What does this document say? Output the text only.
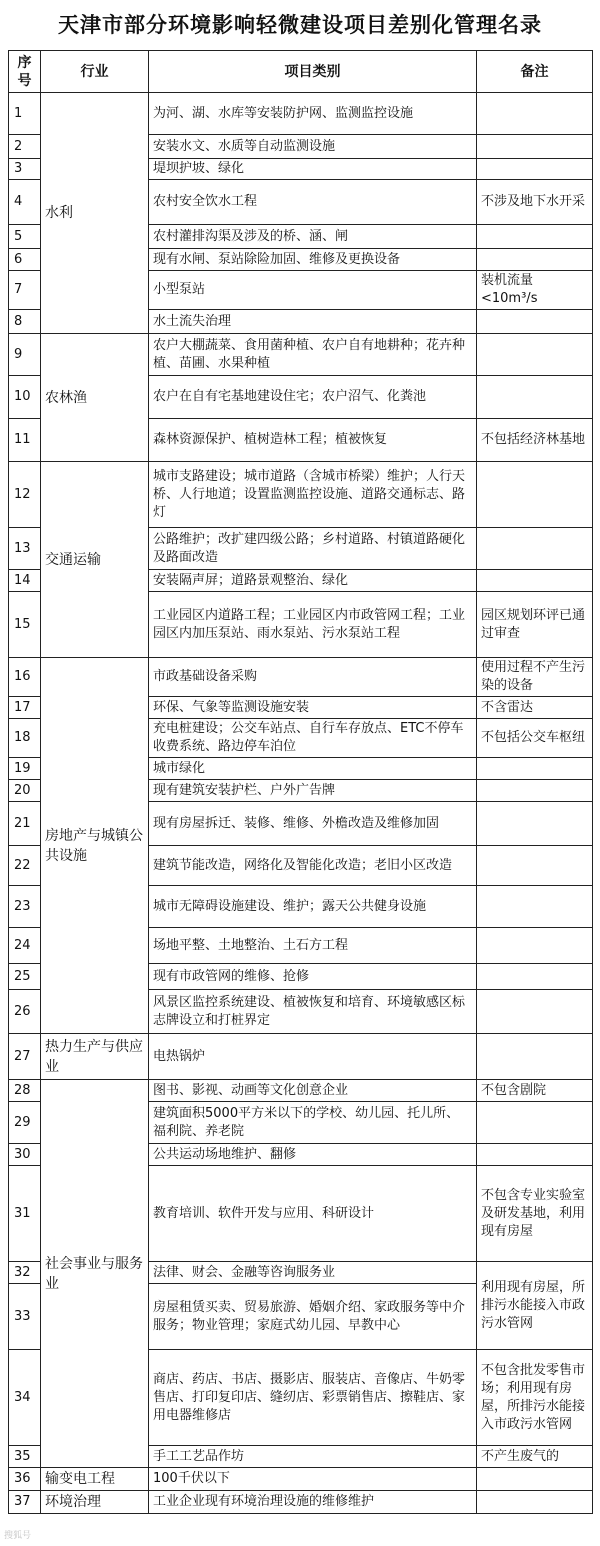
天津市部分环境影响轻微建设项目差别化管理名录
序号	行业	项目类别	备注
1	水利	为河、湖、水库等安装防护网、监测监控设施	
2		安装水文、水质等自动监测设施	
3		堤坝护坡、绿化	
4		农村安全饮水工程	不涉及地下水开采
5		农村灌排沟渠及涉及的桥、涵、闸	
6		现有水闸、泵站除险加固、维修及更换设备	
7		小型泵站	装机流量<10m³/s
8		水土流失治理	
9	农林渔	农户大棚蔬菜、食用菌种植、农户自有地耕种；花卉种植、苗圃、水果种植	
10		农户在自有宅基地建设住宅；农户沼气、化粪池	
11		森林资源保护、植树造林工程；植被恢复	不包括经济林基地
12	交通运输	城市支路建设；城市道路（含城市桥梁）维护；人行天桥、人行地道；设置监测监控设施、道路交通标志、路灯	
13		公路维护；改扩建四级公路；乡村道路、村镇道路硬化及路面改造	
14		安装隔声屏；道路景观整治、绿化	
15		工业园区内道路工程；工业园区内市政管网工程；工业园区内加压泵站、雨水泵站、污水泵站工程	园区规划环评已通过审查
16	房地产与城镇公共设施	市政基础设备采购	使用过程不产生污染的设备
17		环保、气象等监测设施安装	不含雷达
18		充电桩建设；公交车站点、自行车存放点、ETC不停车收费系统、路边停车泊位	不包括公交车枢纽
19		城市绿化	
20		现有建筑安装护栏、户外广告牌	
21		现有房屋拆迁、装修、维修、外檐改造及维修加固	
22		建筑节能改造，网络化及智能化改造；老旧小区改造	
23		城市无障碍设施建设、维护；露天公共健身设施	
24		场地平整、土地整治、土石方工程	
25		现有市政管网的维修、抢修	
26		风景区监控系统建设、植被恢复和培育、环境敏感区标志牌设立和打桩界定	
27	热力生产与供应业	电热锅炉	
28	社会事业与服务业	图书、影视、动画等文化创意企业	不包含剧院
29		建筑面积5000平方米以下的学校、幼儿园、托儿所、福利院、养老院	
30		公共运动场地维护、翻修	
31		教育培训、软件开发与应用、科研设计	不包含专业实验室及研发基地，利用现有房屋
32		法律、财会、金融等咨询服务业	利用现有房屋，所排污水能接入市政污水管网
33		房屋租赁买卖、贸易旅游、婚姻介绍、家政服务等中介服务；物业管理；家庭式幼儿园、早教中心	
34		商店、药店、书店、摄影店、服装店、音像店、牛奶零售店、打印复印店、缝纫店、彩票销售店、擦鞋店、家用电器维修店	不包含批发零售市场；利用现有房屋，所排污水能接入市政污水管网
35		手工工艺品作坊	不产生废气的
36	输变电工程	100千伏以下	
37	环境治理	工业企业现有环境治理设施的维修维护	
搜狐号
